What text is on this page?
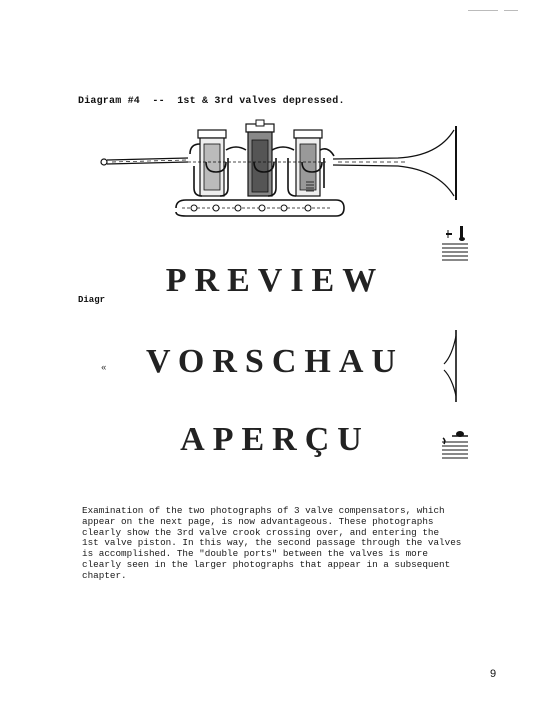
Diagram #4  --  1st & 3rd valves depressed.
Diagr
«
PREVIEW
VORSCHAU
APERÇU
Examination of the two photographs of 3 valve compensators, which
appear on the next page, is now advantageous. These photographs
clearly show the 3rd valve crook crossing over, and entering the
1st valve piston. In this way, the second passage through the valves
is accomplished. The "double ports" between the valves is more
clearly seen in the larger photographs that appear in a subsequent
chapter.
9
